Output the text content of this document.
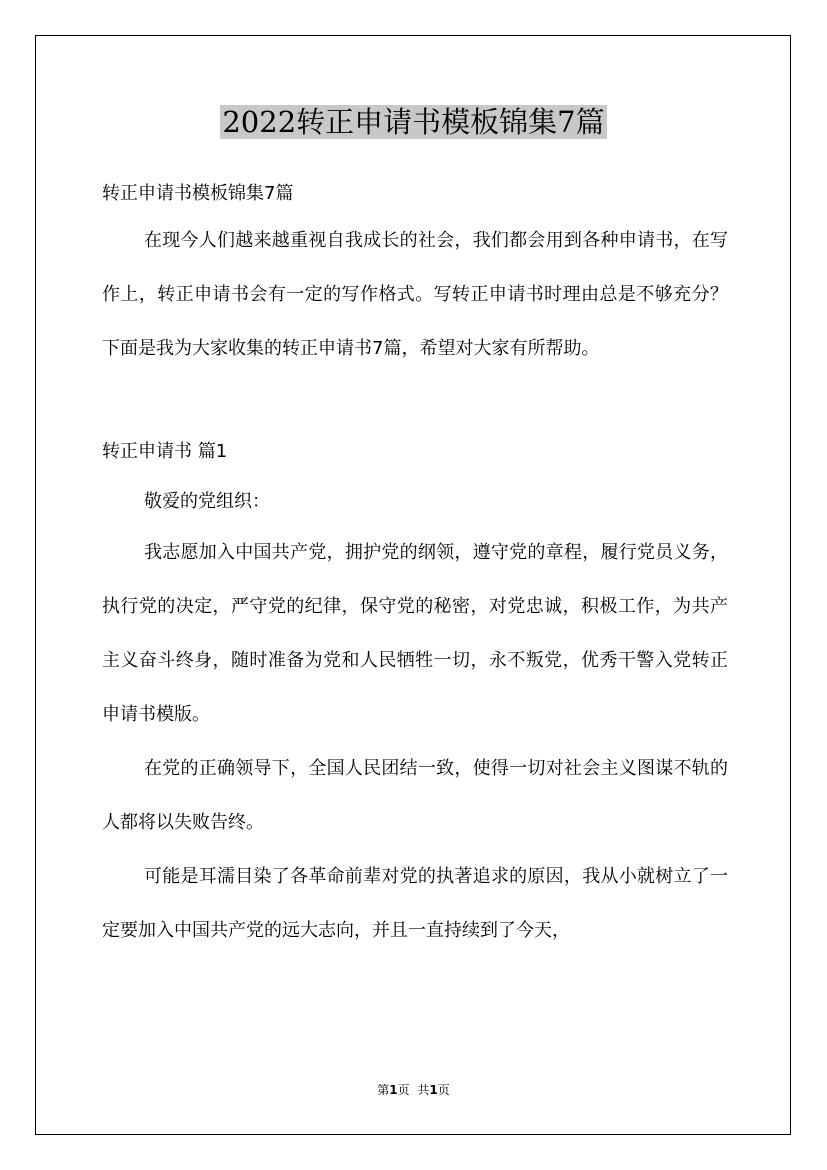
2022转正申请书模板锦集7篇

转正申请书模板锦集7篇

在现今人们越来越重视自我成长的社会，我们都会用到各种申请书，在写作上，转正申请书会有一定的写作格式。写转正申请书时理由总是不够充分？下面是我为大家收集的转正申请书7篇，希望对大家有所帮助。

转正申请书 篇1

敬爱的党组织：

我志愿加入中国共产党，拥护党的纲领，遵守党的章程，履行党员义务，执行党的决定，严守党的纪律，保守党的秘密，对党忠诚，积极工作，为共产主义奋斗终身，随时准备为党和人民牺牲一切，永不叛党，优秀干警入党转正申请书模版。

在党的正确领导下，全国人民团结一致，使得一切对社会主义图谋不轨的人都将以失败告终。

可能是耳濡目染了各革命前辈对党的执著追求的原因，我从小就树立了一定要加入中国共产党的远大志向，并且一直持续到了今天，

第1页 共1页
